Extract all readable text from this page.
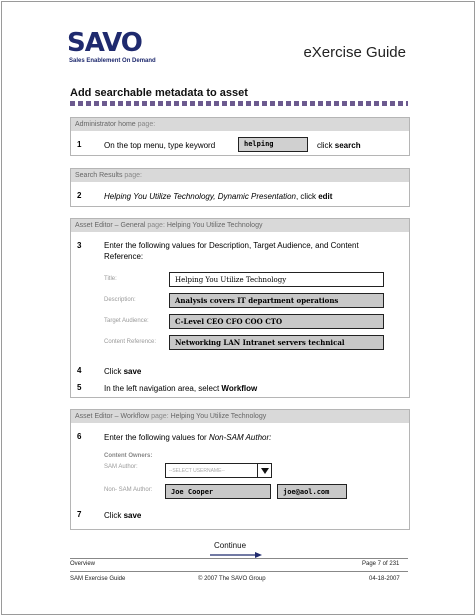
SAVO
Sales Enablement On Demand	eXercise Guide
Add searchable metadata to asset
Administrator home page:
1	On the top menu, type keyword	helping	click search
Search Results page:
2	Helping You Utilize Technology, Dynamic Presentation, click edit
Asset Editor – General page: Helping You Utilize Technology
3	Enter the following values for Description, Target Audience, and Content Reference:
Title:	Helping You Utilize Technology
Description:	Analysis covers IT department operations
Target Audience:	C-Level CEO CFO COO CTO
Content Reference:	Networking LAN Intranet servers technical
4	Click save
5	In the left navigation area, select Workflow
Asset Editor – Workflow page: Helping You Utilize Technology
6	Enter the following values for Non-SAM Author:
Content Owners:
SAM Author:
--SELECT USERNAME--
Non- SAM Author:	Joe Cooper	joe@aol.com
7	Click save
Continue
Overview	Page 7 of 231
SAM Exercise Guide	© 2007 The SAVO Group	04-18-2007
